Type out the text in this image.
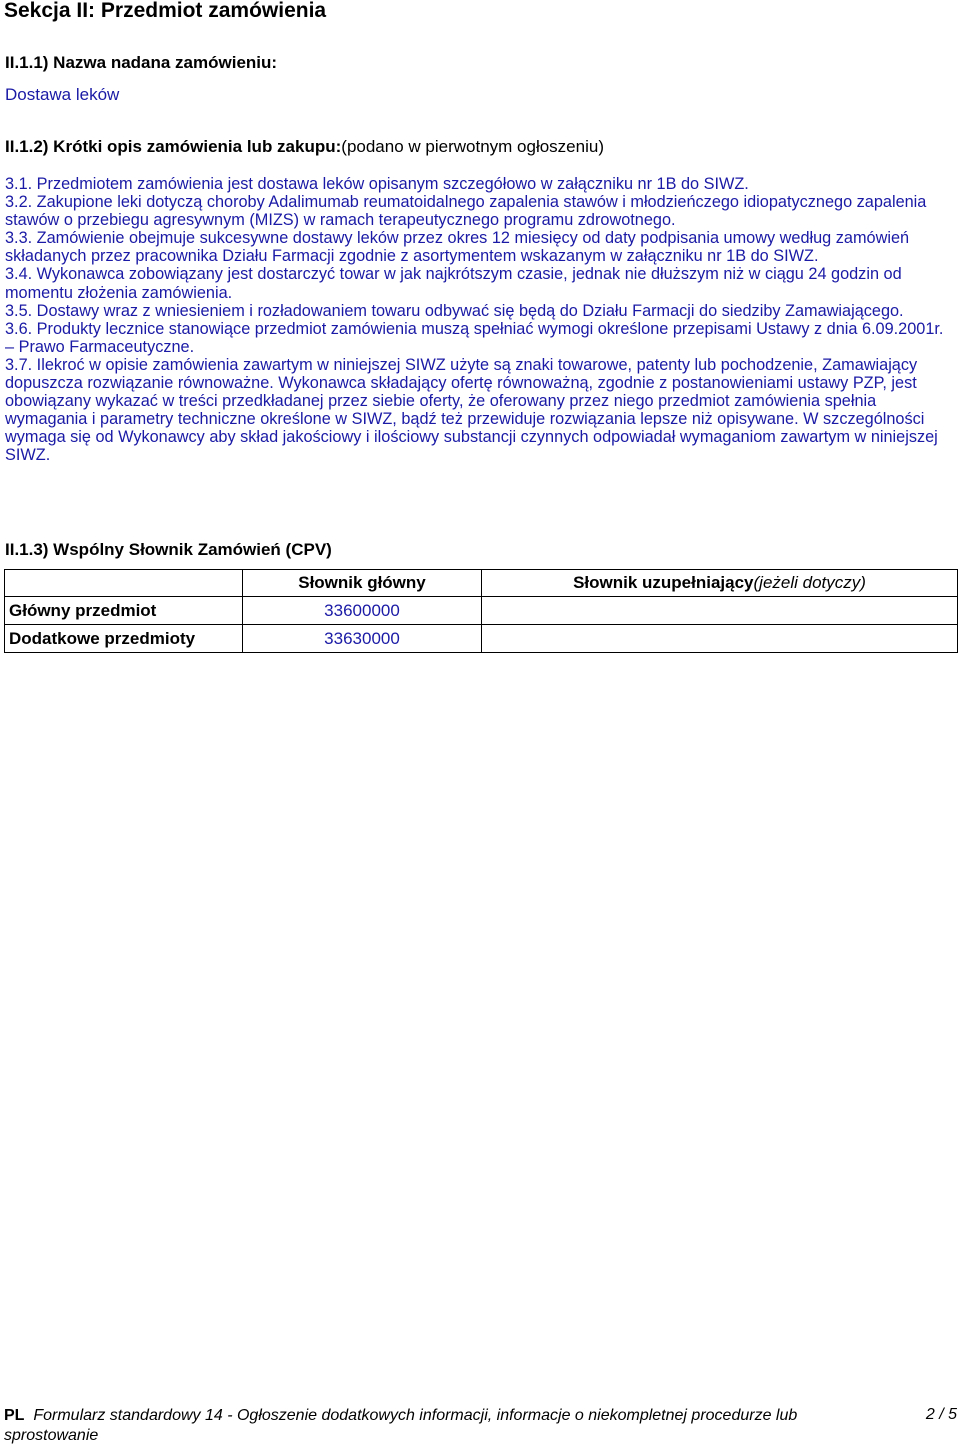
Sekcja II: Przedmiot zamówienia
II.1.1) Nazwa nadana zamówieniu:
Dostawa leków
II.1.2) Krótki opis zamówienia lub zakupu:(podano w pierwotnym ogłoszeniu)

3.1. Przedmiotem zamówienia jest dostawa leków opisanym szczegółowo w załączniku nr 1B do SIWZ.

3.2. Zakupione leki dotyczą choroby Adalimumab reumatoidalnego zapalenia stawów i młodzieńczego idiopatycznego zapalenia stawów o przebiegu agresywnym (MIZS) w ramach terapeutycznego programu zdrowotnego.

3.3. Zamówienie obejmuje sukcesywne dostawy leków przez okres 12 miesięcy od daty podpisania umowy według zamówień składanych przez pracownika Działu Farmacji zgodnie z asortymentem wskazanym w załączniku nr 1B do SIWZ.

3.4. Wykonawca zobowiązany jest dostarczyć towar w jak najkrótszym czasie, jednak nie dłuższym niż w ciągu 24 godzin od momentu złożenia zamówienia.

3.5. Dostawy wraz z wniesieniem i rozładowaniem towaru odbywać się będą do Działu Farmacji do siedziby Zamawiającego.

3.6. Produkty lecznice stanowiące przedmiot zamówienia muszą spełniać wymogi określone przepisami Ustawy z dnia 6.09.2001r. – Prawo Farmaceutyczne.

3.7. Ilekroć w opisie zamówienia zawartym w niniejszej SIWZ użyte są znaki towarowe, patenty lub pochodzenie, Zamawiający dopuszcza rozwiązanie równoważne. Wykonawca składający ofertę równoważną, zgodnie z postanowieniami ustawy PZP, jest obowiązany wykazać w treści przedkładanej przez siebie oferty, że oferowany przez niego przedmiot zamówienia spełnia wymagania i parametry techniczne określone w SIWZ, bądź też przewiduje rozwiązania lepsze niż opisywane. W szczególności wymaga się od Wykonawcy aby skład jakościowy i ilościowy substancji czynnych odpowiadał wymaganiom zawartym w niniejszej SIWZ.

II.1.3) Wspólny Słownik Zamówień (CPV)
	Słownik główny	Słownik uzupełniający(jeżeli dotyczy)
Główny przedmiot	33600000	
Dodatkowe przedmioty	33630000	
PL Formularz standardowy 14 - Ogłoszenie dodatkowych informacji, informacje o niekompletnej procedurze lub sprostowanie
2 / 5
